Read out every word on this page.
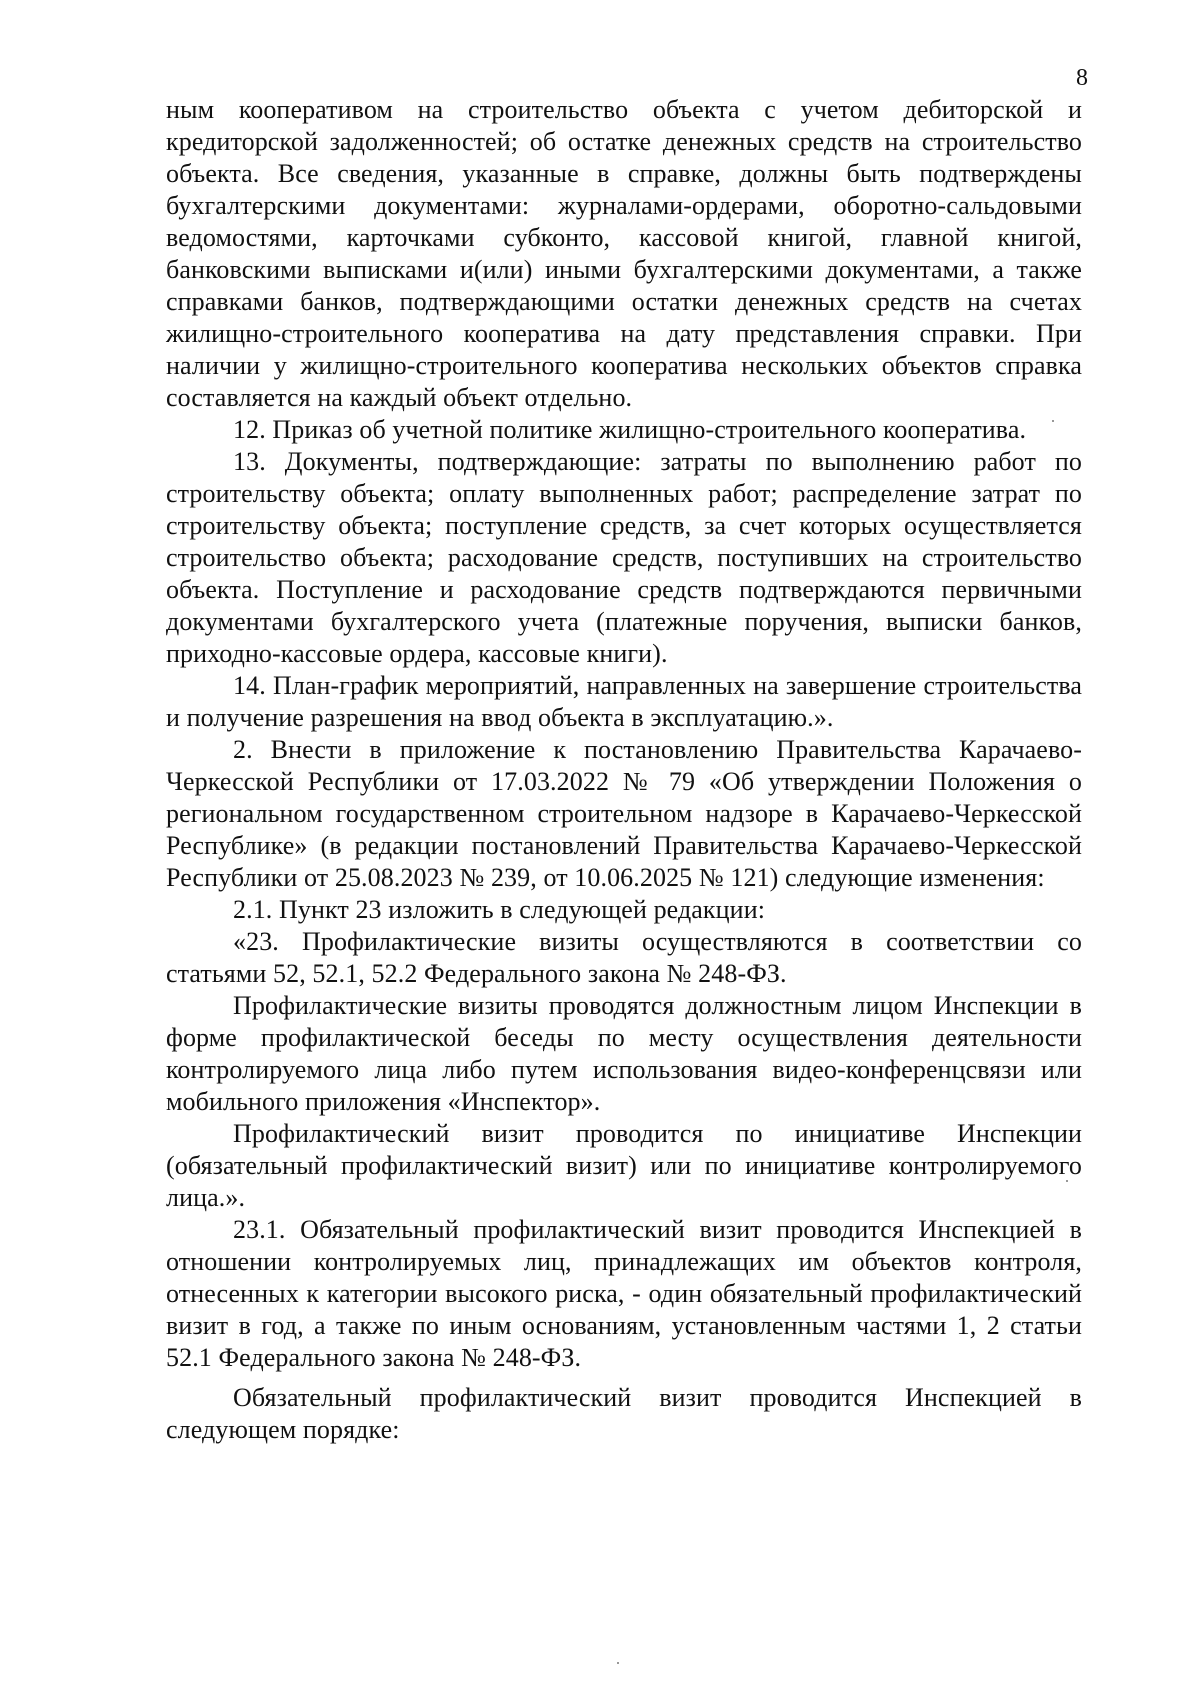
8

ным кооперативом на строительство объекта с учетом дебиторской и кредиторской задолженностей; об остатке денежных средств на строительство объекта. Все сведения, указанные в справке, должны быть подтверждены бухгалтерскими документами: журналами-ордерами, оборотно-сальдовыми ведомостями, карточками субконто, кассовой книгой, главной книгой, банковскими выписками и(или) иными бухгалтерскими документами, а также справками банков, подтверждающими остатки денежных средств на счетах жилищно-строительного кооператива на дату представления справки. При наличии у жилищно-строительного кооператива нескольких объектов справка составляется на каждый объект отдельно.

12. Приказ об учетной политике жилищно-строительного кооператива.

13. Документы, подтверждающие: затраты по выполнению работ по строительству объекта; оплату выполненных работ; распределение затрат по строительству объекта; поступление средств, за счет которых осуществляется строительство объекта; расходование средств, поступивших на строительство объекта. Поступление и расходование средств подтверждаются первичными документами бухгалтерского учета (платежные поручения, выписки банков, приходно-кассовые ордера, кассовые книги).

14. План-график мероприятий, направленных на завершение строительства и получение разрешения на ввод объекта в эксплуатацию.».

2. Внести в приложение к постановлению Правительства Карачаево-Черкесской Республики от 17.03.2022 № 79 «Об утверждении Положения о региональном государственном строительном надзоре в Карачаево-Черкесской Республике» (в редакции постановлений Правительства Карачаево-Черкесской Республики от 25.08.2023 № 239, от 10.06.2025 № 121) следующие изменения:

2.1. Пункт 23 изложить в следующей редакции:

«23. Профилактические визиты осуществляются в соответствии со статьями 52, 52.1, 52.2 Федерального закона № 248-ФЗ.

Профилактические визиты проводятся должностным лицом Инспекции в форме профилактической беседы по месту осуществления деятельности контролируемого лица либо путем использования видео-конференцсвязи или мобильного приложения «Инспектор».

Профилактический визит проводится по инициативе Инспекции (обязательный профилактический визит) или по инициативе контролируемого лица.».

23.1. Обязательный профилактический визит проводится Инспекцией в отношении контролируемых лиц, принадлежащих им объектов контроля, отнесенных к категории высокого риска, - один обязательный профилактический визит в год, а также по иным основаниям, установленным частями 1, 2 статьи 52.1 Федерального закона № 248-ФЗ.

Обязательный профилактический визит проводится Инспекцией в следующем порядке:
